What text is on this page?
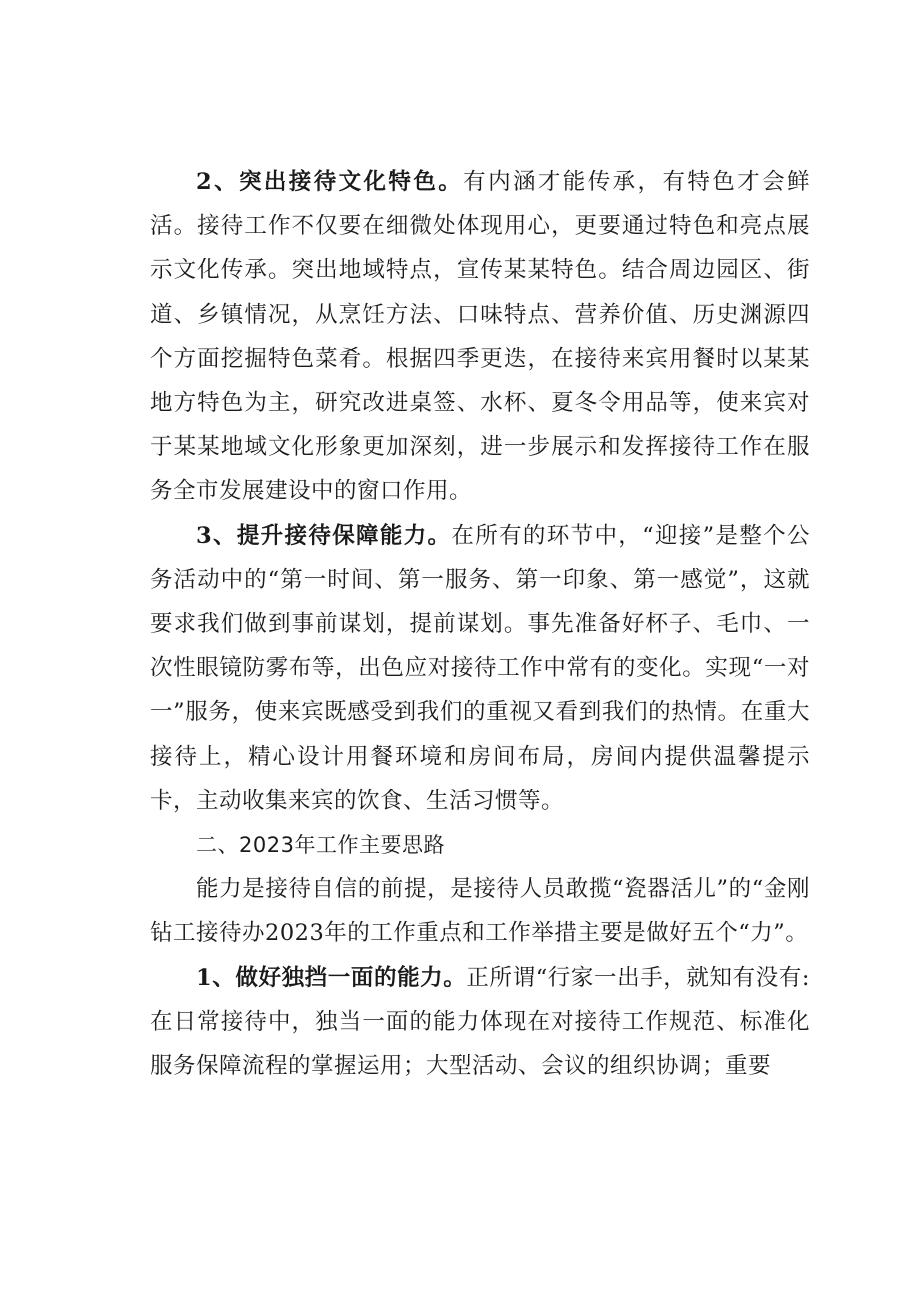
2、突出接待文化特色。有内涵才能传承，有特色才会鲜活。接待工作不仅要在细微处体现用心，更要通过特色和亮点展示文化传承。突出地域特点，宣传某某特色。结合周边园区、街道、乡镇情况，从烹饪方法、口味特点、营养价值、历史渊源四个方面挖掘特色菜肴。根据四季更迭，在接待来宾用餐时以某某地方特色为主，研究改进桌签、水杯、夏冬令用品等，使来宾对于某某地域文化形象更加深刻，进一步展示和发挥接待工作在服务全市发展建设中的窗口作用。

3、提升接待保障能力。在所有的环节中，“迎接”是整个公务活动中的“第一时间、第一服务、第一印象、第一感觉”，这就要求我们做到事前谋划，提前谋划。事先准备好杯子、毛巾、一次性眼镜防雾布等，出色应对接待工作中常有的变化。实现“一对一”服务，使来宾既感受到我们的重视又看到我们的热情。在重大接待上，精心设计用餐环境和房间布局，房间内提供温馨提示卡，主动收集来宾的饮食、生活习惯等。

二、2023年工作主要思路

能力是接待自信的前提，是接待人员敢揽“瓷器活儿”的“金刚钻工接待办2023年的工作重点和工作举措主要是做好五个“力”。

1、做好独挡一面的能力。正所谓“行家一出手，就知有没有:在日常接待中，独当一面的能力体现在对接待工作规范、标准化服务保障流程的掌握运用；大型活动、会议的组织协调；重要
